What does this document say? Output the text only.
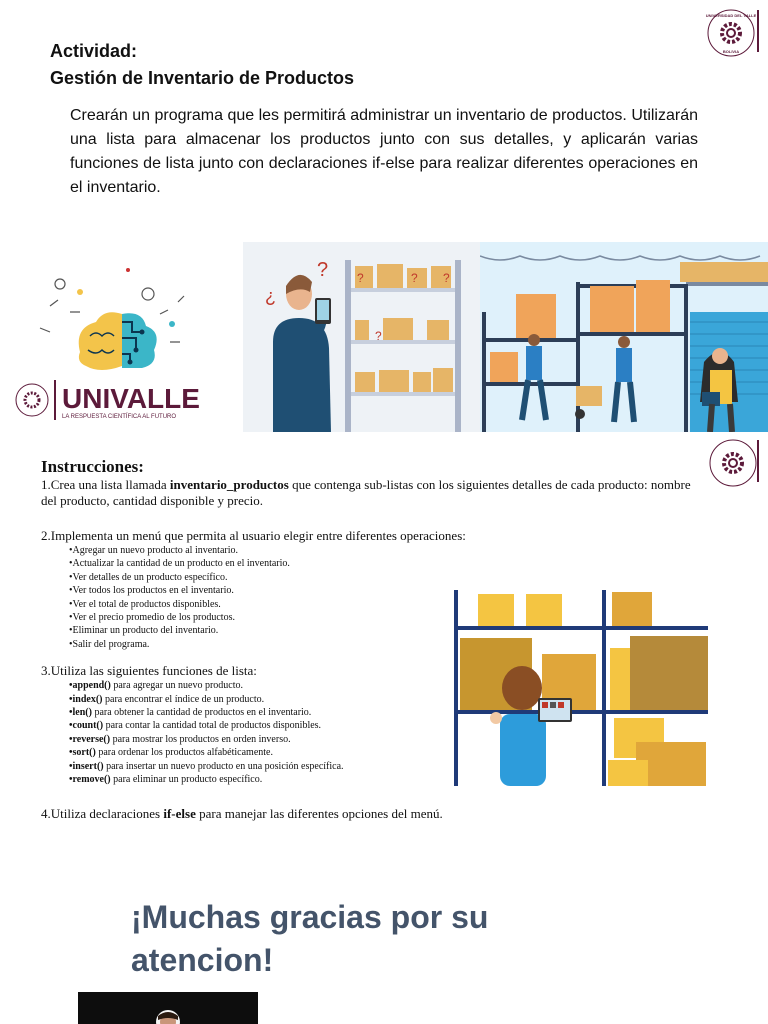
UNIVERSIDAD DEL VALLE
BOLIVIA
Actividad:
Gestión de Inventario de Productos

Crearán un programa que les permitirá administrar un inventario de productos. Utilizarán una lista para almacenar los productos junto con sus detalles, y aplicarán varias funciones de lista junto con declaraciones if-else para realizar diferentes operaciones en el inventario.

UNIVALLE
LA RESPUESTA CIENTÍFICA AL FUTURO
?	? ?
?
?
¿
Instrucciones:
1.Crea una lista llamada inventario_productos que contenga sub-listas con los siguientes detalles de cada producto: nombre del producto, cantidad disponible y precio.
2.Implementa un menú que permita al usuario elegir entre diferentes operaciones:
•Agregar un nuevo producto al inventario.
•Actualizar la cantidad de un producto en el inventario.
•Ver detalles de un producto específico.
•Ver todos los productos en el inventario.
•Ver el total de productos disponibles.
•Ver el precio promedio de los productos.
•Eliminar un producto del inventario.
•Salir del programa.
3.Utiliza las siguientes funciones de lista:
•append() para agregar un nuevo producto.
•index() para encontrar el índice de un producto.
•len() para obtener la cantidad de productos en el inventario.
•count() para contar la cantidad total de productos disponibles.
•reverse() para mostrar los productos en orden inverso.
•sort() para ordenar los productos alfabéticamente.
•insert() para insertar un nuevo producto en una posición específica.
•remove() para eliminar un producto específico.
4.Utiliza declaraciones if-else para manejar las diferentes opciones del menú.
¡Muchas gracias por su
atencion!
